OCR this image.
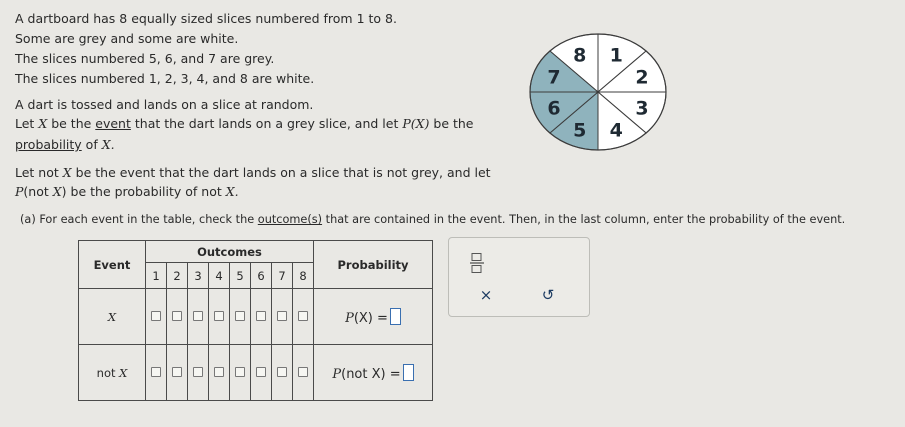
A dartboard has 8 equally sized slices numbered from 1 to 8.
Some are grey and some are white.
The slices numbered 5, 6, and 7 are grey.
The slices numbered 1, 2, 3, 4, and 8 are white.
A dart is tossed and lands on a slice at random.
Let X be the event that the dart lands on a grey slice, and let P(X) be the
probability of X.
Let not X be the event that the dart lands on a slice that is not grey, and let
P(not X) be the probability of not X.
(a) For each event in the table, check the outcome(s) that are contained in the event. Then, in the last column, enter the probability of the event.
8 1
2
3
4
5
6
7
Event	Outcomes								Probability
	1	2	3	4	5	6	7	8	
X									P(X) =
not X									P(not X) =
×	↺
